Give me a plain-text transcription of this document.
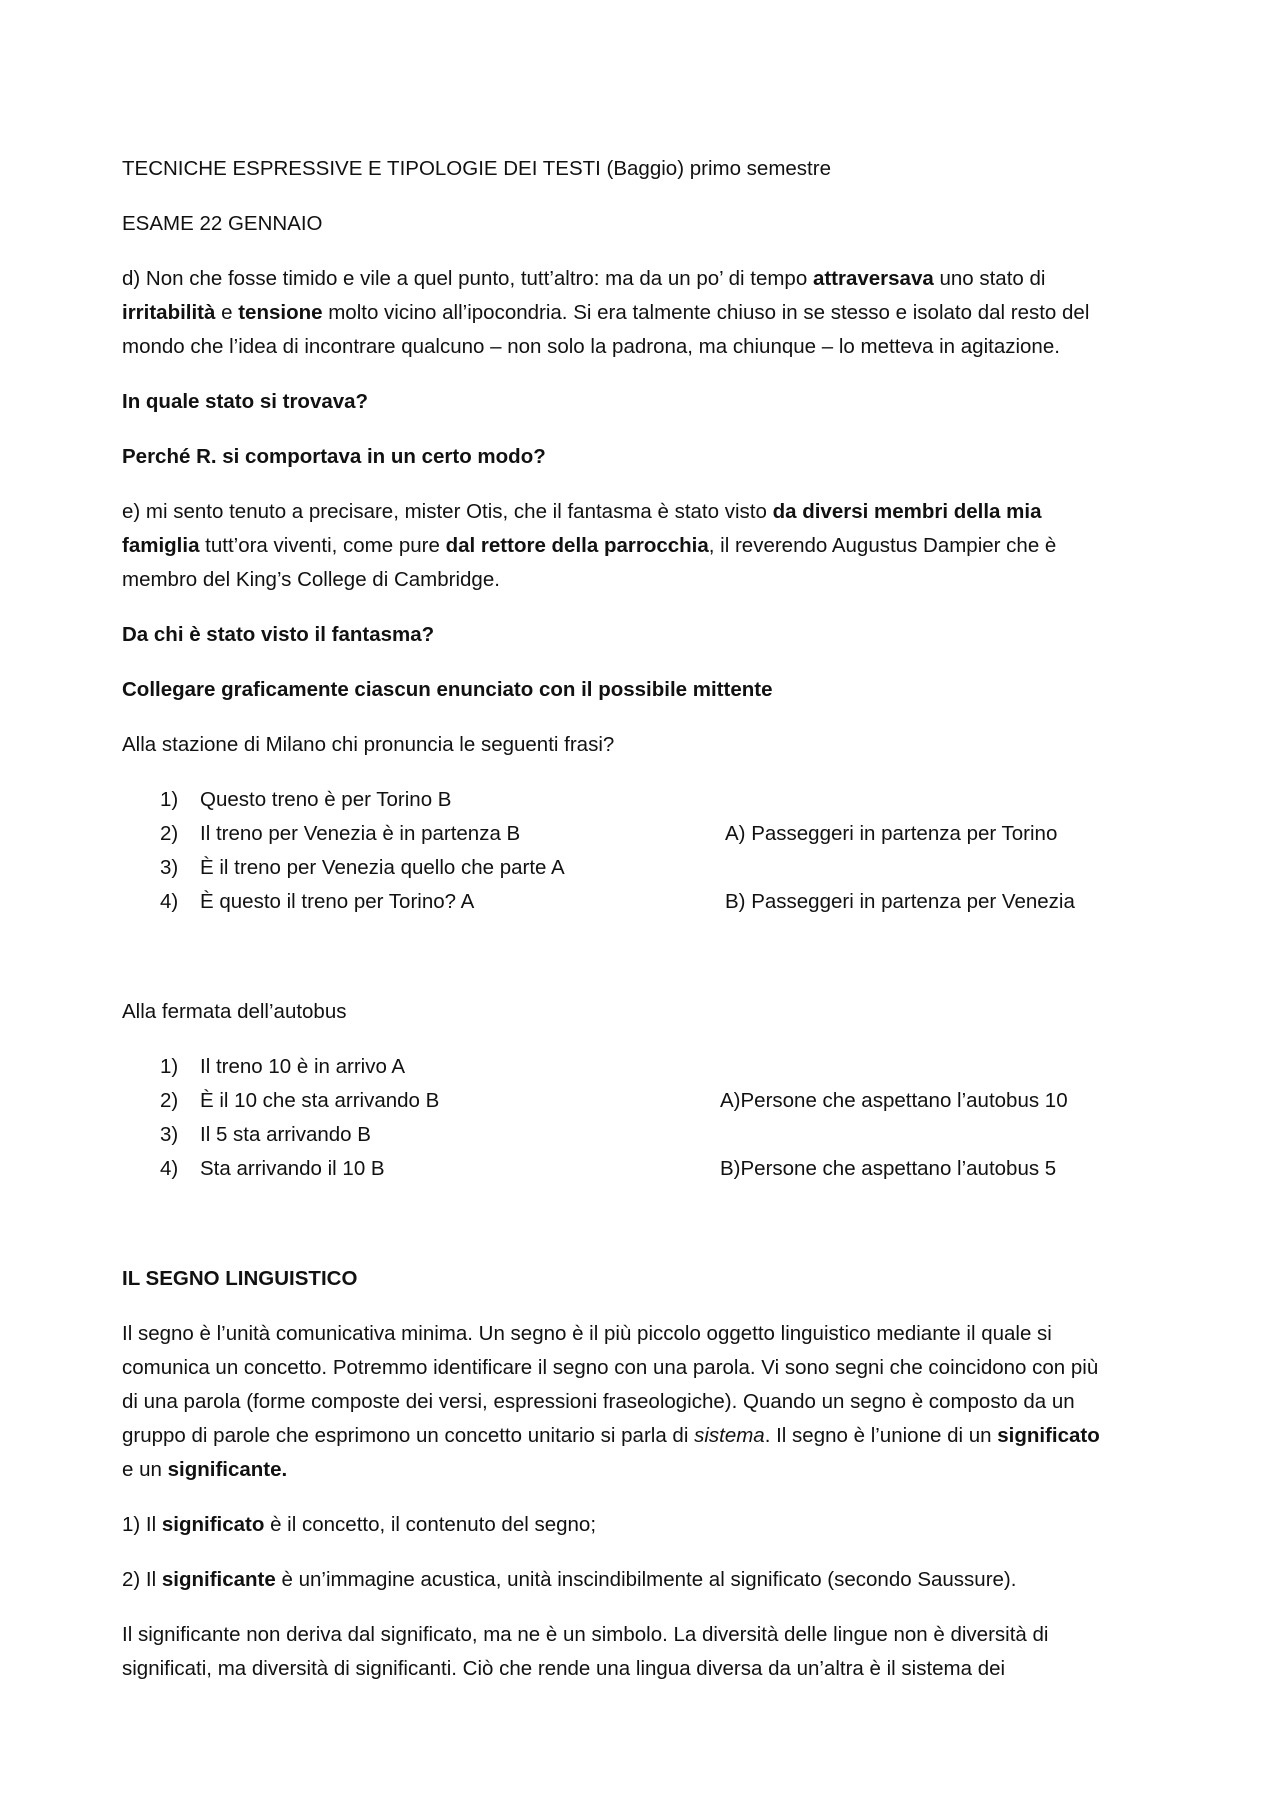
TECNICHE ESPRESSIVE E TIPOLOGIE DEI TESTI (Baggio) primo semestre
ESAME 22 GENNAIO
d) Non che fosse timido e vile a quel punto, tutt’altro: ma da un po’ di tempo attraversava uno stato di
irritabilità e tensione molto vicino all’ipocondria. Si era talmente chiuso in se stesso e isolato dal resto del
mondo che l’idea di incontrare qualcuno – non solo la padrona, ma chiunque – lo metteva in agitazione.
In quale stato si trovava?
Perché R. si comportava in un certo modo?
e) mi sento tenuto a precisare, mister Otis, che il fantasma è stato visto da diversi membri della mia
famiglia tutt’ora viventi, come pure dal rettore della parrocchia, il reverendo Augustus Dampier che è
membro del King’s College di Cambridge.
Da chi è stato visto il fantasma?
Collegare graficamente ciascun enunciato con il possibile mittente
Alla stazione di Milano chi pronuncia le seguenti frasi?
1) Questo treno è per Torino B
2) Il treno per Venezia è in partenza B
3) È il treno per Venezia quello che parte A
4) È questo il treno per Torino? A
A) Passeggeri in partenza per Torino
B) Passeggeri in partenza per Venezia
Alla fermata dell’autobus
1) Il treno 10 è in arrivo A
2) È il 10 che sta arrivando B
3) Il 5 sta arrivando B
4) Sta arrivando il 10 B
A)Persone che aspettano l’autobus 10
B)Persone che aspettano l’autobus 5
IL SEGNO LINGUISTICO
Il segno è l’unità comunicativa minima. Un segno è il più piccolo oggetto linguistico mediante il quale si
comunica un concetto. Potremmo identificare il segno con una parola. Vi sono segni che coincidono con più
di una parola (forme composte dei versi, espressioni fraseologiche). Quando un segno è composto da un
gruppo di parole che esprimono un concetto unitario si parla di sistema. Il segno è l’unione di un significato
e un significante.
1) Il significato è il concetto, il contenuto del segno;
2) Il significante è un’immagine acustica, unità inscindibilmente al significato (secondo Saussure).
Il significante non deriva dal significato, ma ne è un simbolo. La diversità delle lingue non è diversità di
significati, ma diversità di significanti. Ciò che rende una lingua diversa da un’altra è il sistema dei
